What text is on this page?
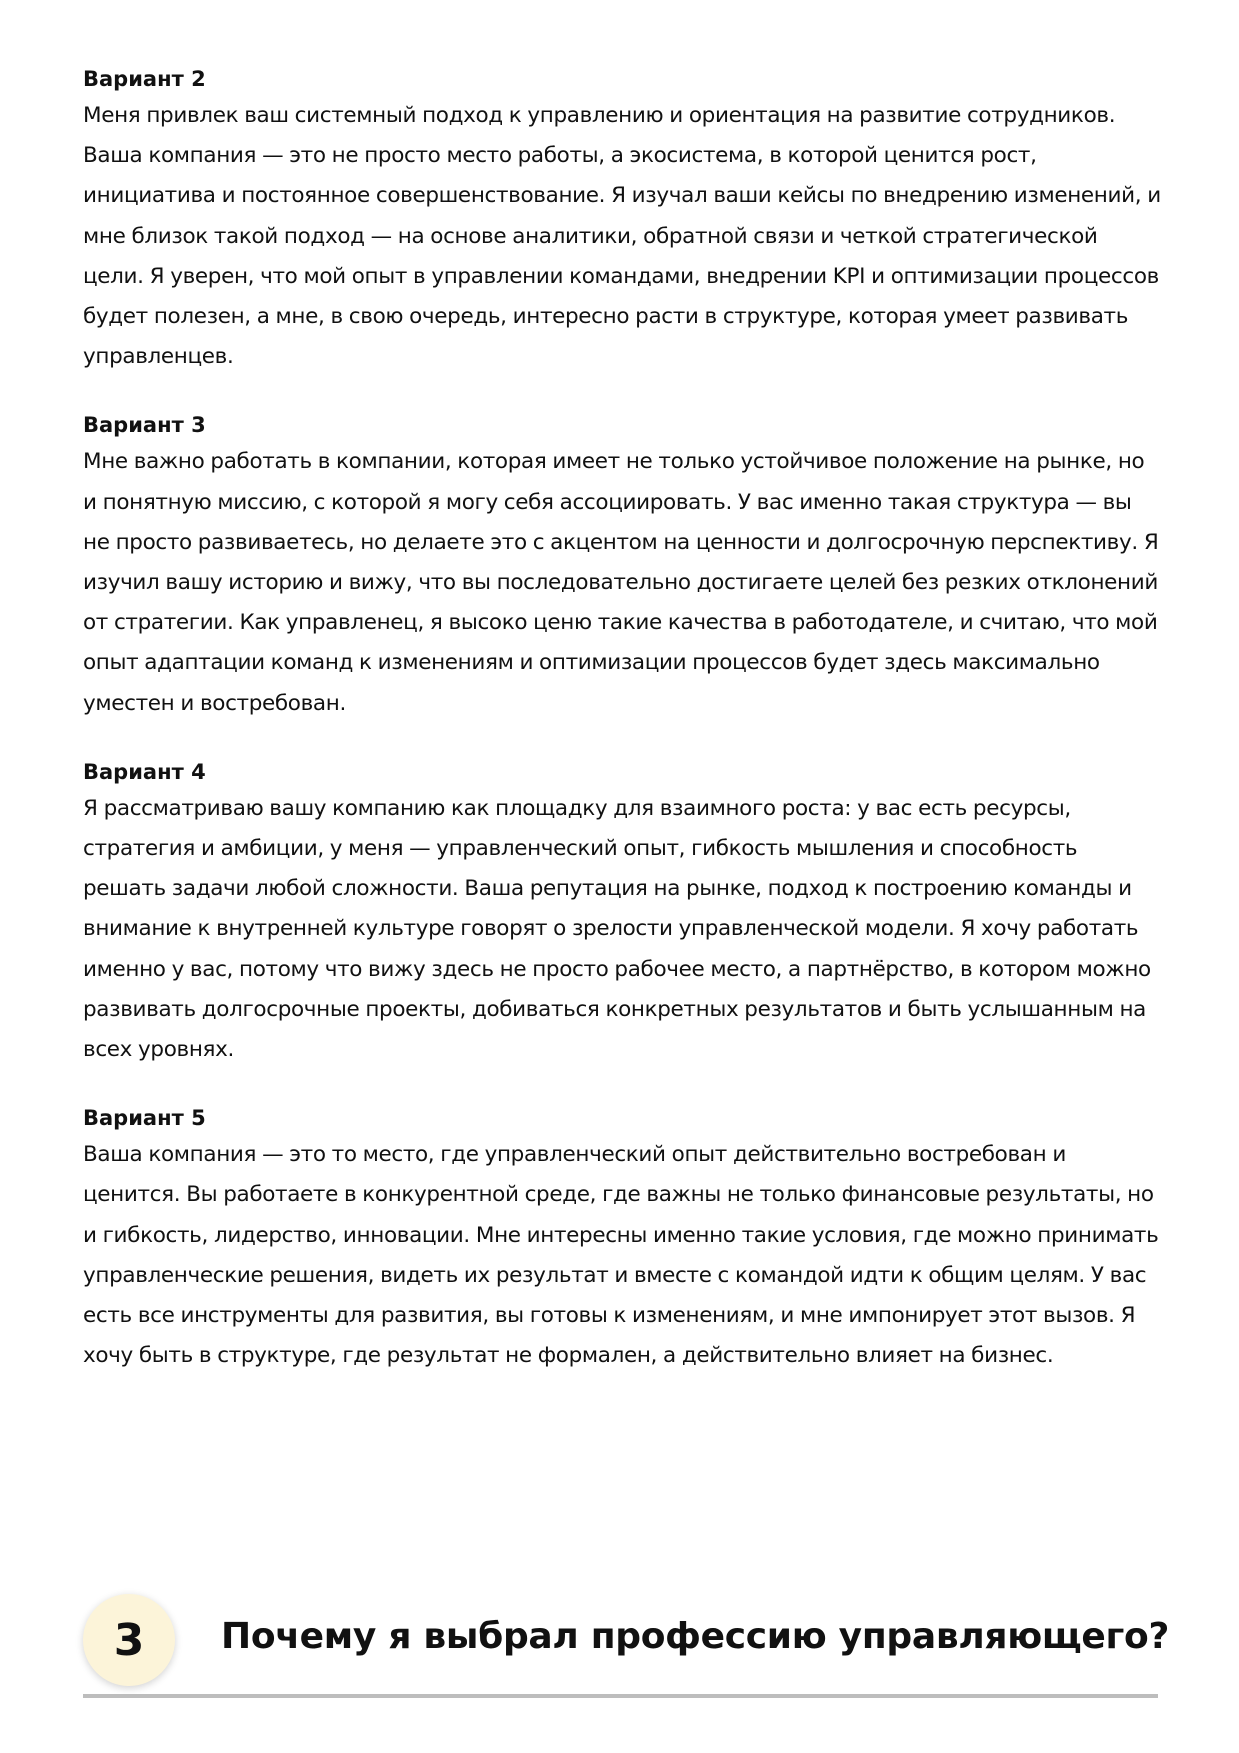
Вариант 2

Меня привлек ваш системный подход к управлению и ориентация на развитие сотрудников. Ваша компания — это не просто место работы, а экосистема, в которой ценится рост, инициатива и постоянное совершенствование. Я изучал ваши кейсы по внедрению изменений, и мне близок такой подход — на основе аналитики, обратной связи и четкой стратегической цели. Я уверен, что мой опыт в управлении командами, внедрении KPI и оптимизации процессов будет полезен, а мне, в свою очередь, интересно расти в структуре, которая умеет развивать управленцев.

Вариант 3

Мне важно работать в компании, которая имеет не только устойчивое положение на рынке, но и понятную миссию, с которой я могу себя ассоциировать. У вас именно такая структура — вы не просто развиваетесь, но делаете это с акцентом на ценности и долгосрочную перспективу. Я изучил вашу историю и вижу, что вы последовательно достигаете целей без резких отклонений от стратегии. Как управленец, я высоко ценю такие качества в работодателе, и считаю, что мой опыт адаптации команд к изменениям и оптимизации процессов будет здесь максимально уместен и востребован.

Вариант 4

Я рассматриваю вашу компанию как площадку для взаимного роста: у вас есть ресурсы, стратегия и амбиции, у меня — управленческий опыт, гибкость мышления и способность решать задачи любой сложности. Ваша репутация на рынке, подход к построению команды и внимание к внутренней культуре говорят о зрелости управленческой модели. Я хочу работать именно у вас, потому что вижу здесь не просто рабочее место, а партнёрство, в котором можно развивать долгосрочные проекты, добиваться конкретных результатов и быть услышанным на всех уровнях.

Вариант 5

Ваша компания — это то место, где управленческий опыт действительно востребован и ценится. Вы работаете в конкурентной среде, где важны не только финансовые результаты, но и гибкость, лидерство, инновации. Мне интересны именно такие условия, где можно принимать управленческие решения, видеть их результат и вместе с командой идти к общим целям. У вас есть все инструменты для развития, вы готовы к изменениям, и мне импонирует этот вызов. Я хочу быть в структуре, где результат не формален, а действительно влияет на бизнес.

3	Почему я выбрал профессию управляющего?
